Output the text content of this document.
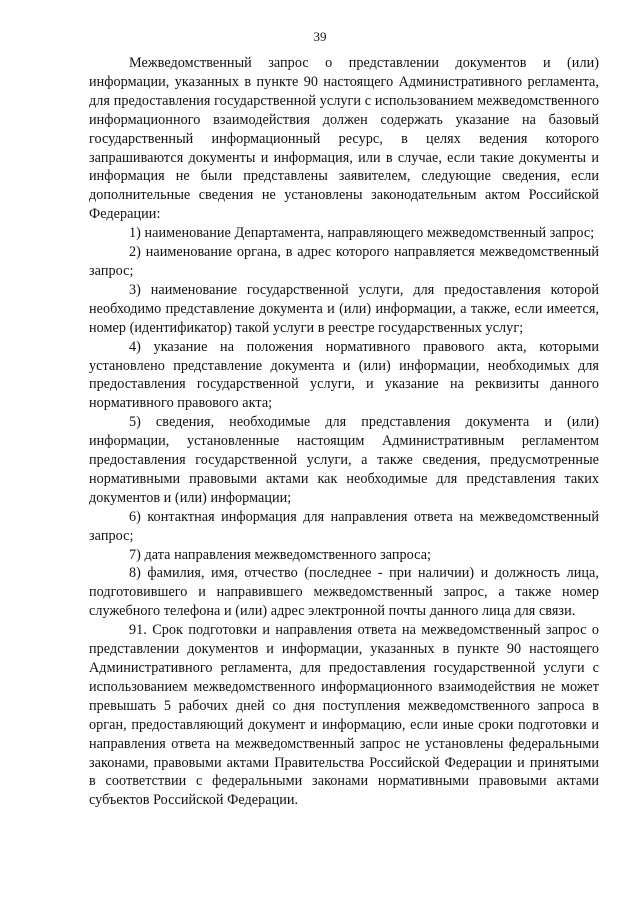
39

Межведомственный запрос о представлении документов и (или) информации, указанных в пункте 90 настоящего Административного регламента, для предоставления государственной услуги с использованием межведомственного информационного взаимодействия должен содержать указание на базовый государственный информационный ресурс, в целях ведения которого запрашиваются документы и информация, или в случае, если такие документы и информация не были представлены заявителем, следующие сведения, если дополнительные сведения не установлены законодательным актом Российской Федерации:

1) наименование Департамента, направляющего межведомственный запрос;

2) наименование органа, в адрес которого направляется межведомственный запрос;

3) наименование государственной услуги, для предоставления которой необходимо представление документа и (или) информации, а также, если имеется, номер (идентификатор) такой услуги в реестре государственных услуг;

4) указание на положения нормативного правового акта, которыми установлено представление документа и (или) информации, необходимых для предоставления государственной услуги, и указание на реквизиты данного нормативного правового акта;

5) сведения, необходимые для представления документа и (или) информации, установленные настоящим Административным регламентом предоставления государственной услуги, а также сведения, предусмотренные нормативными правовыми актами как необходимые для представления таких документов и (или) информации;

6) контактная информация для направления ответа на межведомственный запрос;

7) дата направления межведомственного запроса;

8) фамилия, имя, отчество (последнее - при наличии) и должность лица, подготовившего и направившего межведомственный запрос, а также номер служебного телефона и (или) адрес электронной почты данного лица для связи.

91. Срок подготовки и направления ответа на межведомственный запрос о представлении документов и информации, указанных в пункте 90 настоящего Административного регламента, для предоставления государственной услуги с использованием межведомственного информационного взаимодействия не может превышать 5 рабочих дней со дня поступления межведомственного запроса в орган, предоставляющий документ и информацию, если иные сроки подготовки и направления ответа на межведомственный запрос не установлены федеральными законами, правовыми актами Правительства Российской Федерации и принятыми в соответствии с федеральными законами нормативными правовыми актами субъектов Российской Федерации.
